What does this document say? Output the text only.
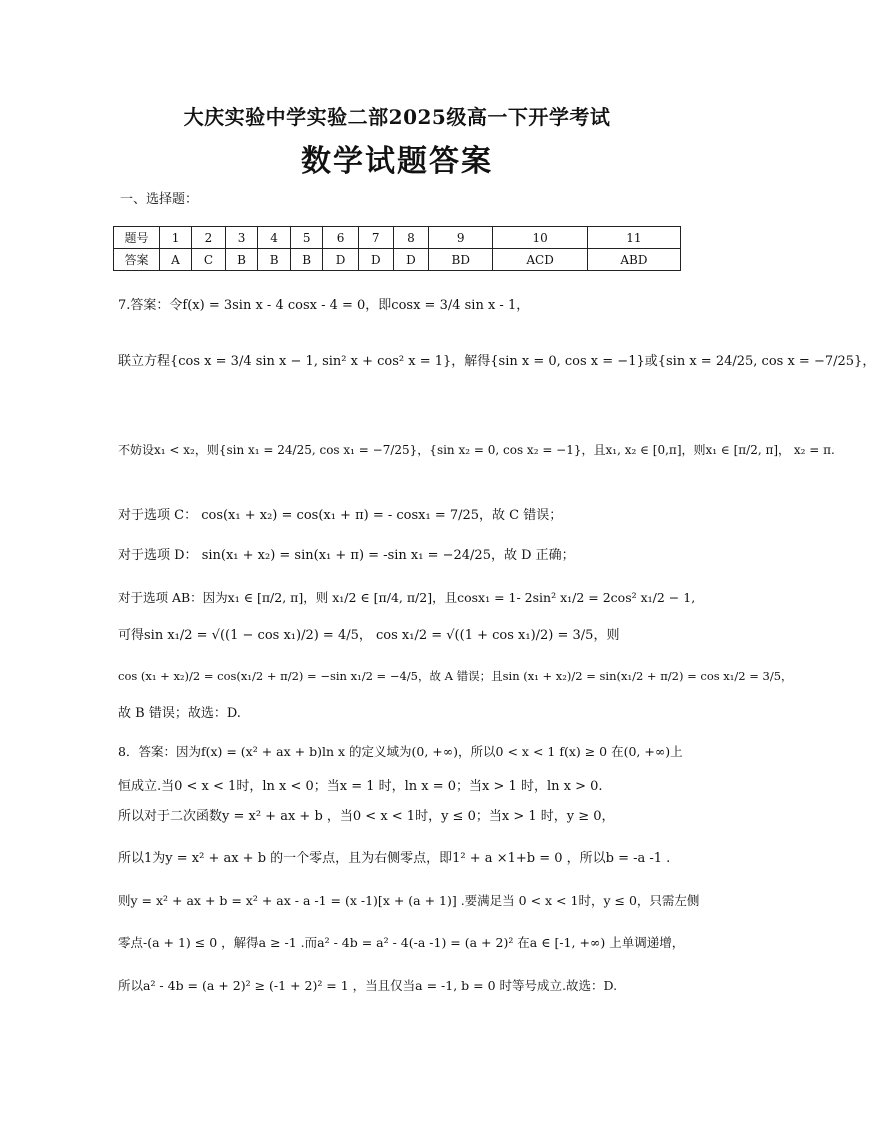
大庆实验中学实验二部2025级高一下开学考试
数学试题答案
一、选择题：
题号	1	2	3	4	5	6	7	8	9	10	11
答案	A	C	B	B	B	D	D	D	BD	ACD	ABD
7.答案：令f(x) = 3sin x - 4 cosx - 4 = 0，即cosx = 3/4 sin x - 1，
联立方程{cos x = 3/4 sin x − 1, sin² x + cos² x = 1}，解得{sin x = 0, cos x = −1}或{sin x = 24/25, cos x = −7/25}，
不妨设x₁ < x₂，则{sin x₁ = 24/25, cos x₁ = −7/25}，{sin x₂ = 0, cos x₂ = −1}，且x₁, x₂ ∈ [0,π]，则x₁ ∈ [π/2, π]， x₂ = π.
对于选项 C： cos(x₁ + x₂) = cos(x₁ + π) = - cosx₁ = 7/25，故 C 错误；
对于选项 D： sin(x₁ + x₂) = sin(x₁ + π) = -sin x₁ = −24/25，故 D 正确；
对于选项 AB：因为x₁ ∈ [π/2, π]，则 x₁/2 ∈ [π/4, π/2]，且cosx₁ = 1- 2sin² x₁/2 = 2cos² x₁/2 − 1,
可得sin x₁/2 = √((1 − cos x₁)/2) = 4/5， cos x₁/2 = √((1 + cos x₁)/2) = 3/5，则
cos (x₁ + x₂)/2 = cos(x₁/2 + π/2) = −sin x₁/2 = −4/5，故 A 错误；且sin (x₁ + x₂)/2 = sin(x₁/2 + π/2) = cos x₁/2 = 3/5，
故 B 错误；故选：D.
8．答案：因为f(x) = (x² + ax + b)ln x 的定义域为(0, +∞)，所以0 < x < 1 f(x) ≥ 0 在(0, +∞)上
恒成立.当0 < x < 1时，ln x < 0；当x = 1 时，ln x = 0；当x > 1 时，ln x > 0.
所以对于二次函数y = x² + ax + b ，当0 < x < 1时，y ≤ 0；当x > 1 时，y ≥ 0，
所以1为y = x² + ax + b 的一个零点，且为右侧零点，即1² + a ×1+b = 0 ，所以b = -a -1 .
则y = x² + ax + b = x² + ax - a -1 = (x -1)[x + (a + 1)] .要满足当 0 < x < 1时，y ≤ 0，只需左侧
零点-(a + 1) ≤ 0 ，解得a ≥ -1 .而a² - 4b = a² - 4(-a -1) = (a + 2)² 在a ∈ [-1, +∞) 上单调递增，
所以a² - 4b = (a + 2)² ≥ (-1 + 2)² = 1 ，当且仅当a = -1, b = 0 时等号成立.故选：D.
